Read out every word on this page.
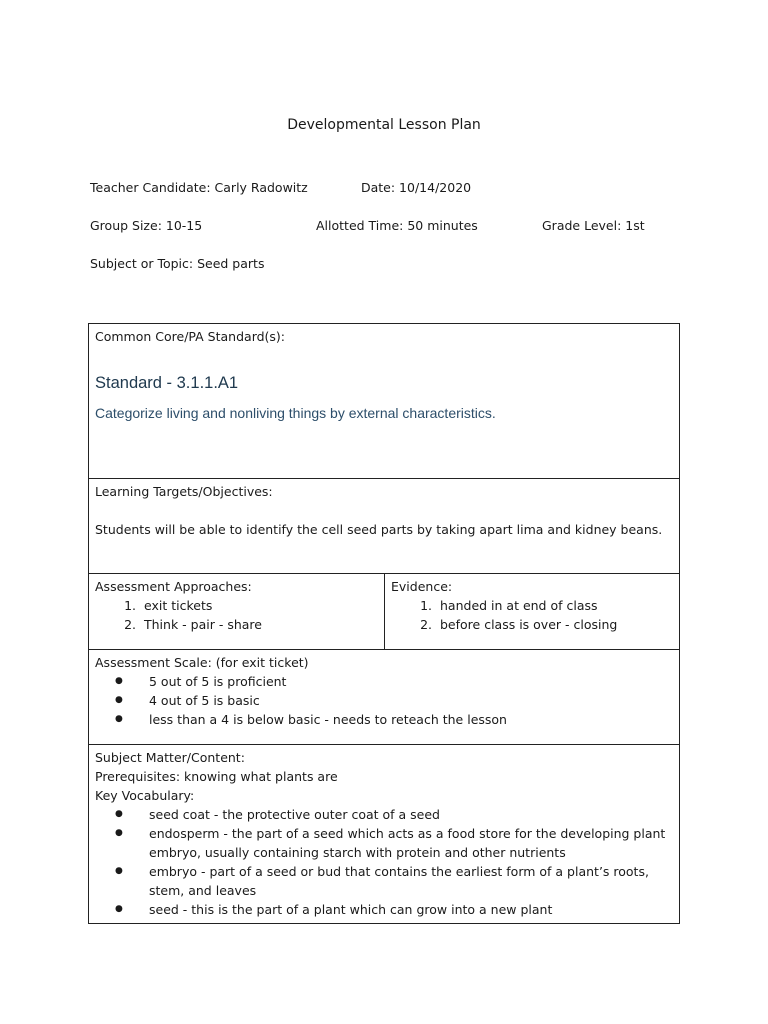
Developmental Lesson Plan
Teacher Candidate: Carly Radowitz	Date: 10/14/2020
Group Size: 10-15	Allotted Time: 50 minutes	Grade Level: 1st
Subject or Topic: Seed parts
Common Core/PA Standard(s):
Standard - 3.1.1.A1
Categorize living and nonliving things by external characteristics.

Learning Targets/Objectives:
Students will be able to identify the cell seed parts by taking apart lima and kidney beans.

Assessment Approaches:
1. exit tickets
2. Think - pair - share

Evidence:
1. handed in at end of class
2. before class is over - closing

Assessment Scale: (for exit ticket)
● 5 out of 5 is proficient
● 4 out of 5 is basic
● less than a 4 is below basic - needs to reteach the lesson

Subject Matter/Content:
Prerequisites: knowing what plants are
Key Vocabulary:
● seed coat - the protective outer coat of a seed
● endosperm - the part of a seed which acts as a food store for the developing plant embryo, usually containing starch with protein and other nutrients
● embryo - part of a seed or bud that contains the earliest form of a plant’s roots, stem, and leaves
● seed - this is the part of a plant which can grow into a new plant
